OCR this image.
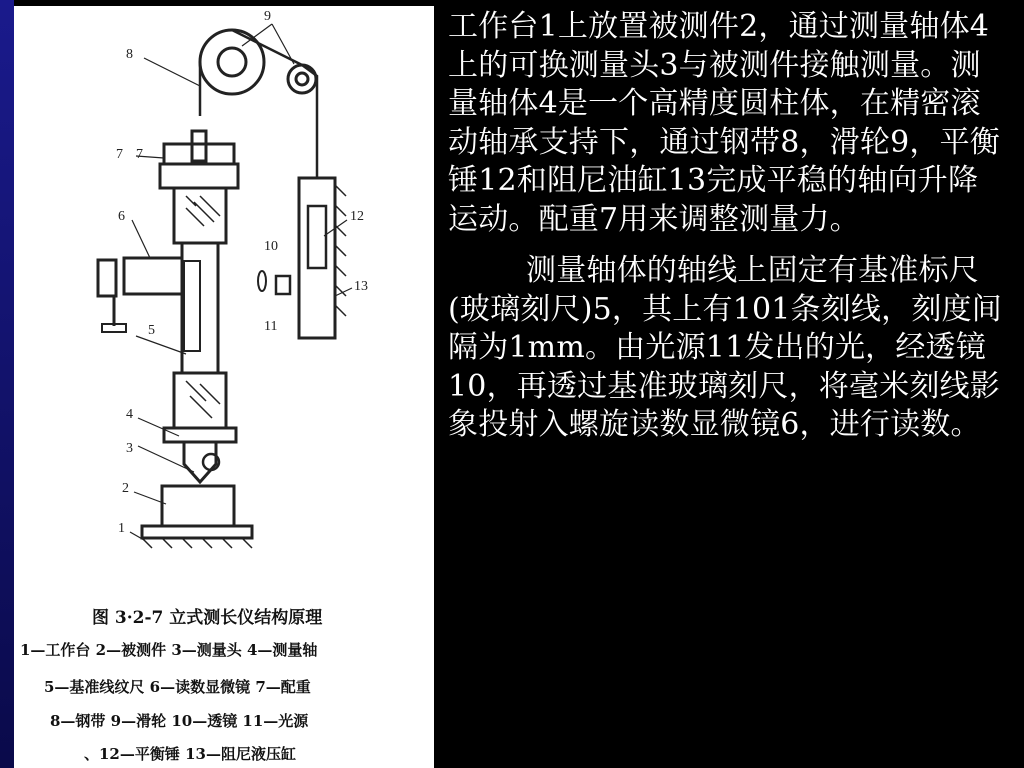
9
8
7 7
6
10
12
11
13
5
4
3
2
1
图 3·2-7 立式测长仪结构原理
1—工作台 2—被测件 3—测量头 4—测量轴
5—基准线纹尺 6—读数显微镜 7—配重
8—钢带 9—滑轮 10—透镜 11—光源
、12—平衡锤 13—阻尼液压缸

工作台1上放置被测件2，通过测量轴体4上的可换测量头3与被测件接触测量。测量轴体4是一个高精度圆柱体，在精密滚动轴承支持下，通过钢带8，滑轮9，平衡锤12和阻尼油缸13完成平稳的轴向升降运动。配重7用来调整测量力。

测量轴体的轴线上固定有基准标尺(玻璃刻尺)5，其上有101条刻线，刻度间隔为1mm。由光源11发出的光，经透镜10，再透过基准玻璃刻尺，将毫米刻线影象投射入螺旋读数显微镜6，进行读数。
